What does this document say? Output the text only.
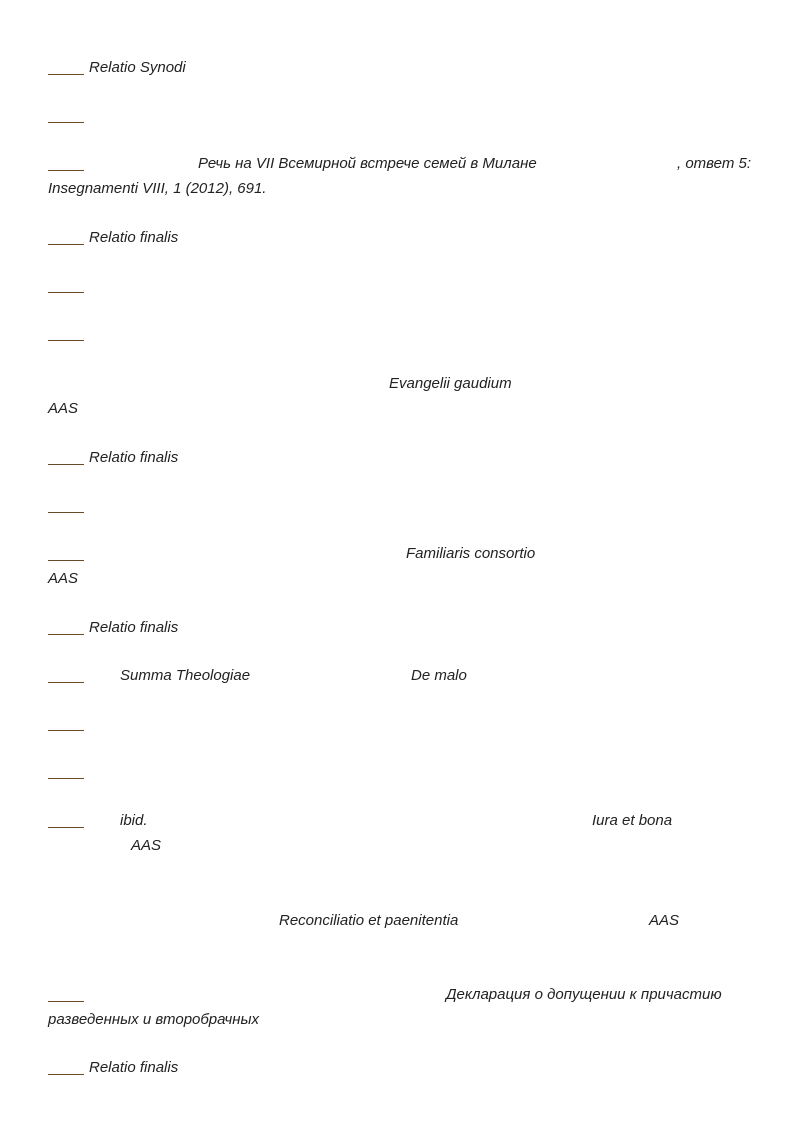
Relatio Synodi
Речь на VII Всемирной встрече семей в Милане	, ответ 5:
Insegnamenti VIII, 1 (2012), 691.
Relatio finalis
Evangelii gaudium
AAS
Relatio finalis
Familiaris consortio
AAS
Relatio finalis
Summa Theologiae	De malo
ibid.	Iura et bona
AAS
Reconciliatio et paenitentia	AAS
Декларация о допущении к причастию
разведенных и второбрачных
Relatio finalis
